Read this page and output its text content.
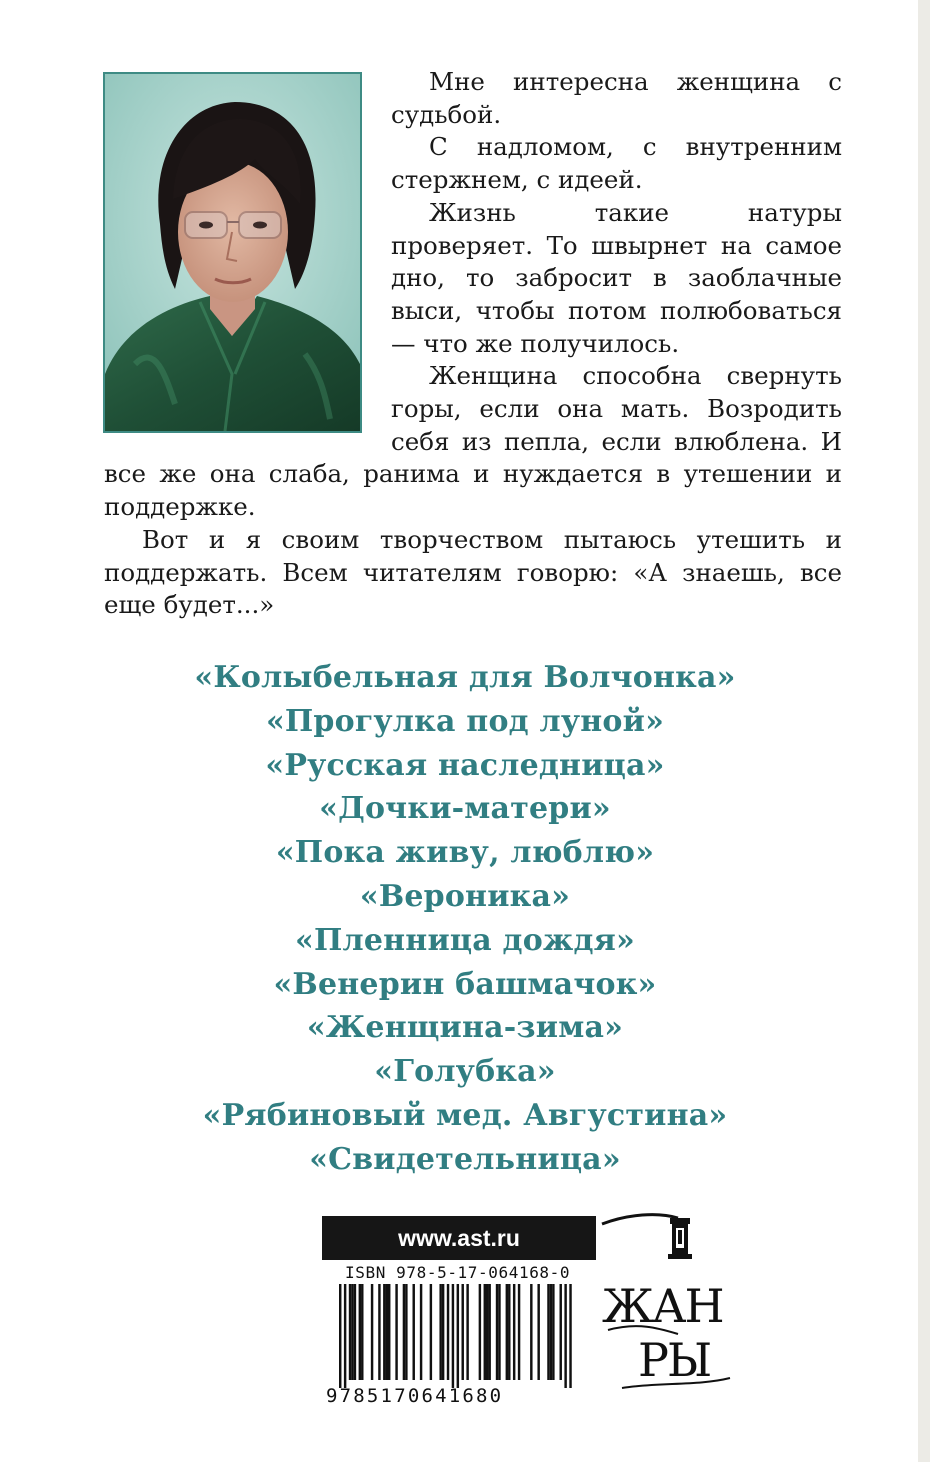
Мне интересна женщина с судьбой.

С надломом, с внутренним стержнем, с идеей.

Жизнь такие натуры проверяет. То швырнет на самое дно, то забросит в заоблачные выси, чтобы потом полюбоваться — что же получилось.

Женщина способна свернуть горы, если она мать. Возродить себя из пепла, если влюблена. И все же она слаба, ранима и нуждается в утешении и поддержке.

Вот и я своим творчеством пытаюсь утешить и поддержать. Всем читателям говорю: «А знаешь, все еще будет...»

«Колыбельная для Волчонка»
«Прогулка под луной»
«Русская наследница»
«Дочки-матери»
«Пока живу, люблю»
«Вероника»
«Пленница дождя»
«Венерин башмачок»
«Женщина-зима»
«Голубка»
«Рябиновый мед. Августина»
«Свидетельница»
www.ast.ru
ISBN 978-5-17-064168-0
9785170641680
ЖАН
РЫ
